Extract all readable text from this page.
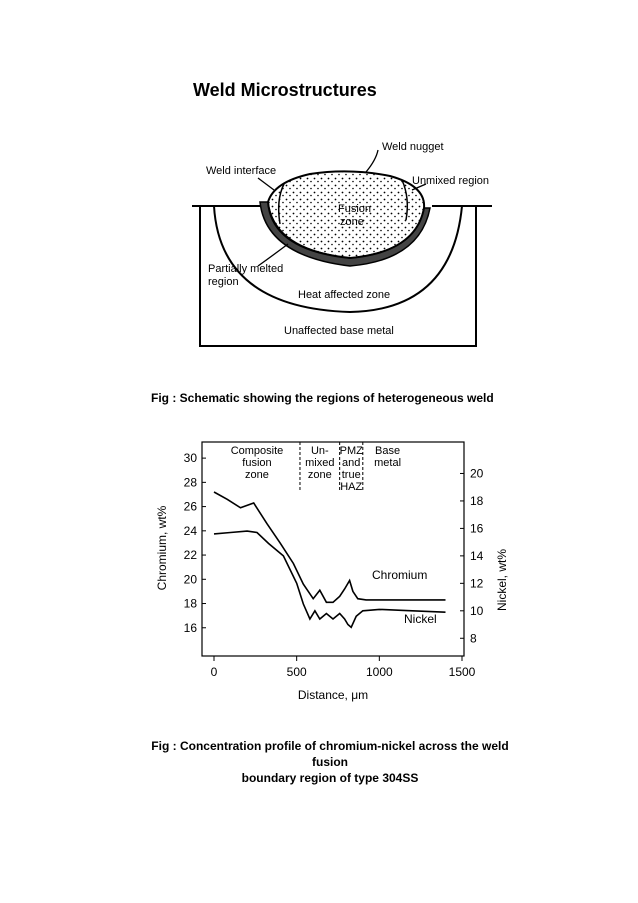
Weld Microstructures
Weld nugget
Weld interface
Unmixed region
Fusion
zone
Partially melted
region
Heat affected zone
Unaffected base metal
Fig : Schematic showing the regions of heterogeneous weld
Composite
fusion
zone
Un-
mixed
zone
PMZ
and
true
HAZ
Base
metal
16
18
20
22
24
26
28
30
8
10
12
14
16
18
20
0	500	1000	1500
Chromium
Nickel
Distance, μm
Chromium, wt%	Nickel, wt%
Fig : Concentration profile of chromium-nickel across the weld fusion
boundary region of type 304SS
